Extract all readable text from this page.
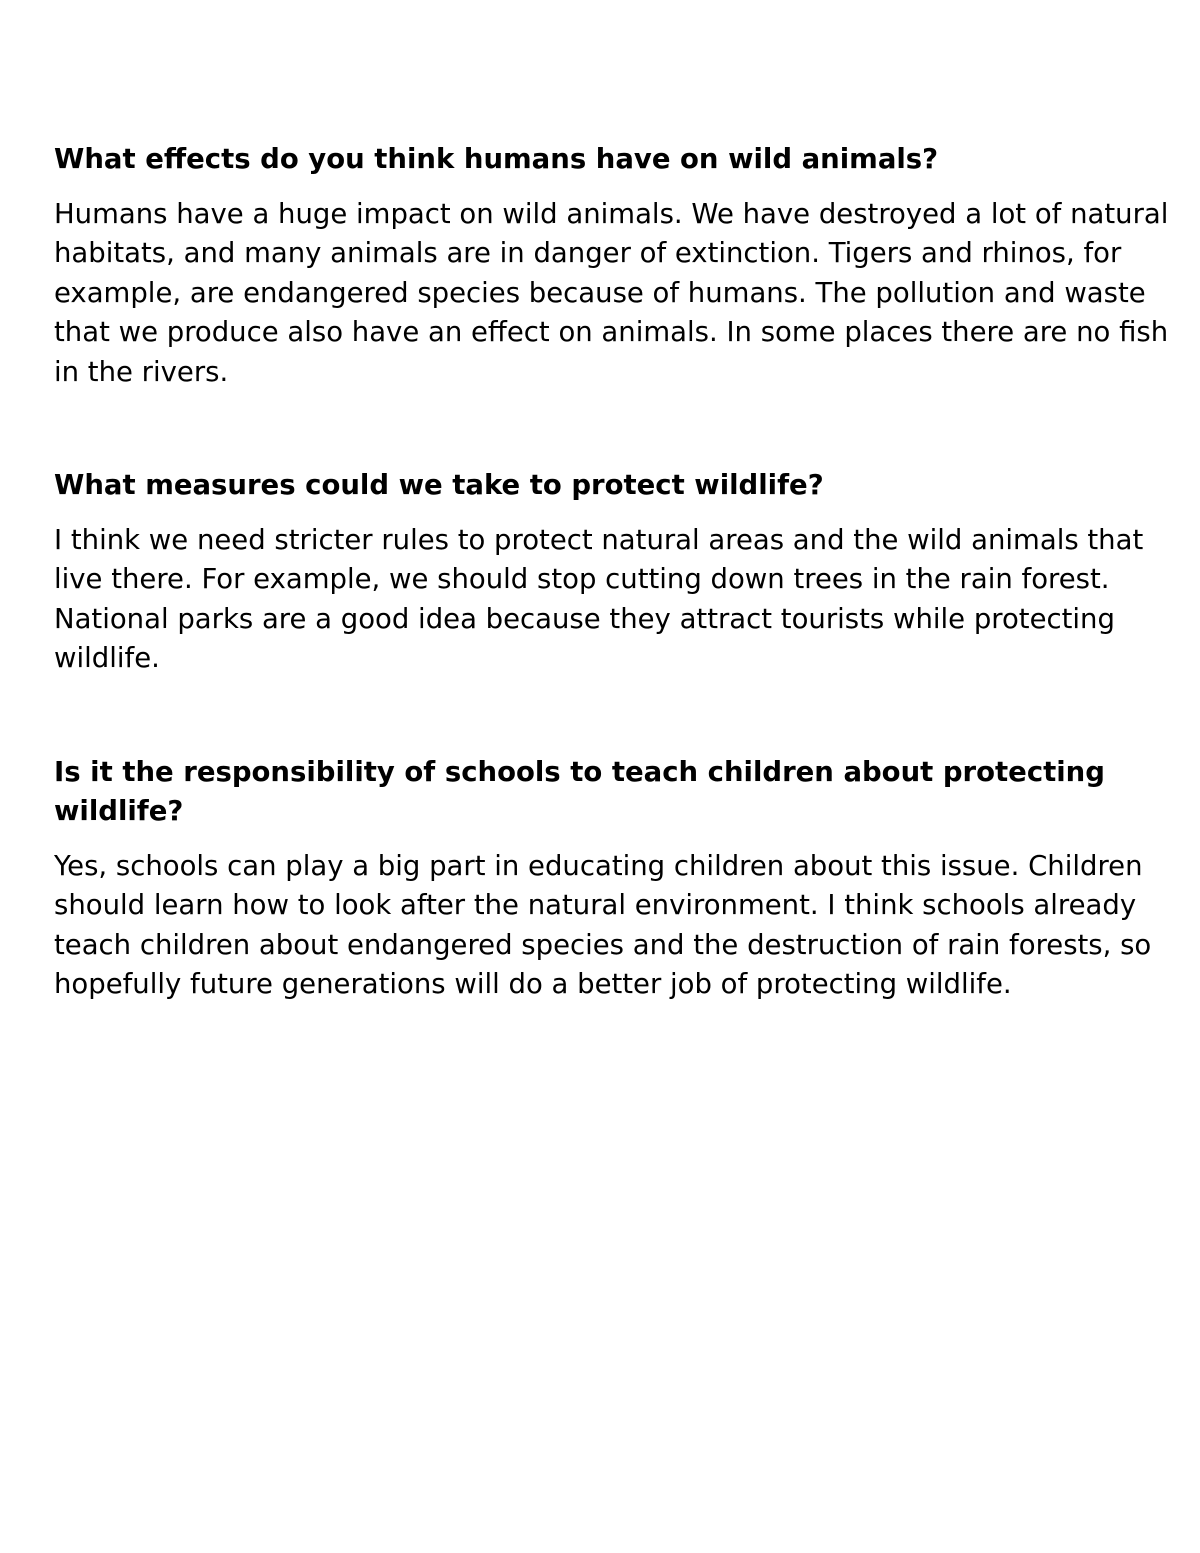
What effects do you think humans have on wild animals?

Humans have a huge impact on wild animals. We have destroyed a lot of natural habitats, and many animals are in danger of extinction. Tigers and rhinos, for example, are endangered species because of humans. The pollution and waste that we produce also have an effect on animals. In some places there are no fish in the rivers.

What measures could we take to protect wildlife?

I think we need stricter rules to protect natural areas and the wild animals that live there. For example, we should stop cutting down trees in the rain forest. National parks are a good idea because they attract tourists while protecting wildlife.

Is it the responsibility of schools to teach children about protecting wildlife?

Yes, schools can play a big part in educating children about this issue. Children should learn how to look after the natural environment. I think schools already teach children about endangered species and the destruction of rain forests, so hopefully future generations will do a better job of protecting wildlife.
